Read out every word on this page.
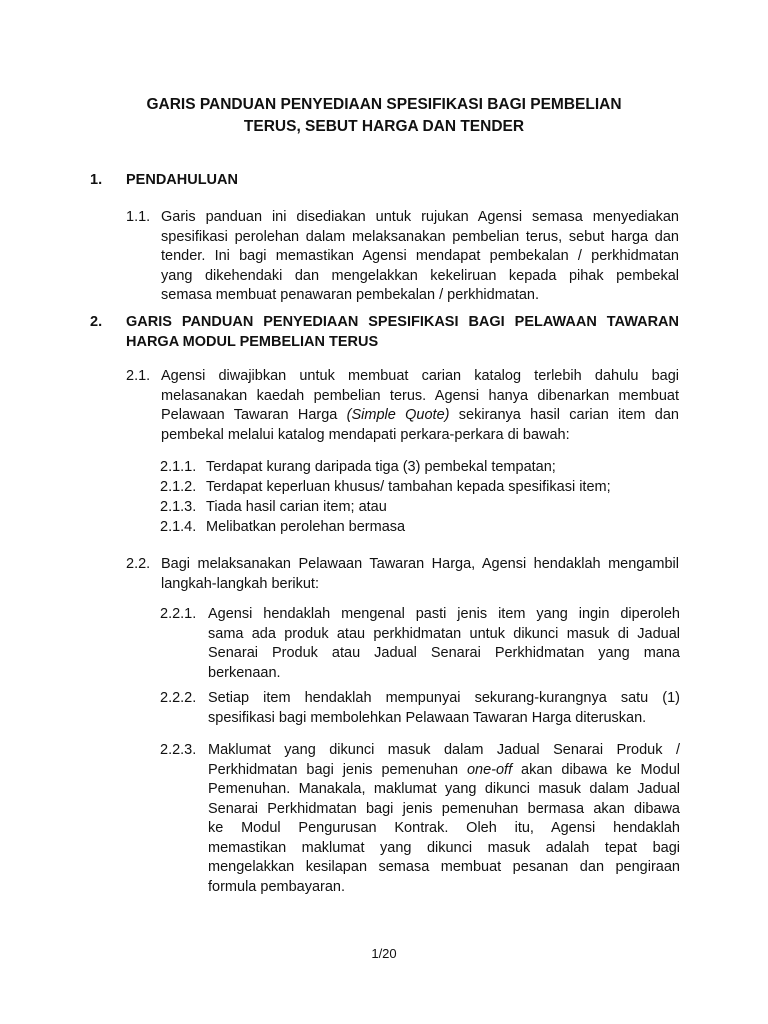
GARIS PANDUAN PENYEDIAAN SPESIFIKASI BAGI PEMBELIAN
TERUS, SEBUT HARGA DAN TENDER
1. PENDAHULUAN
1.1. Garis panduan ini disediakan untuk rujukan Agensi semasa menyediakan
spesifikasi perolehan dalam melaksanakan pembelian terus, sebut harga dan
tender. Ini bagi memastikan Agensi mendapat pembekalan / perkhidmatan
yang dikehendaki dan mengelakkan kekeliruan kepada pihak pembekal
semasa membuat penawaran pembekalan / perkhidmatan.
2. GARIS PANDUAN PENYEDIAAN SPESIFIKASI BAGI PELAWAAN TAWARAN
HARGA MODUL PEMBELIAN TERUS
2.1. Agensi diwajibkan untuk membuat carian katalog terlebih dahulu bagi
melasanakan kaedah pembelian terus. Agensi hanya dibenarkan membuat
Pelawaan Tawaran Harga (Simple Quote) sekiranya hasil carian item dan
pembekal melalui katalog mendapati perkara-perkara di bawah:
2.1.1. Terdapat kurang daripada tiga (3) pembekal tempatan;
2.1.2. Terdapat keperluan khusus/ tambahan kepada spesifikasi item;
2.1.3. Tiada hasil carian item; atau
2.1.4. Melibatkan perolehan bermasa
2.2. Bagi melaksanakan Pelawaan Tawaran Harga, Agensi hendaklah mengambil
langkah-langkah berikut:
2.2.1. Agensi hendaklah mengenal pasti jenis item yang ingin diperoleh
sama ada produk atau perkhidmatan untuk dikunci masuk di Jadual
Senarai Produk atau Jadual Senarai Perkhidmatan yang mana
berkenaan.
2.2.2. Setiap item hendaklah mempunyai sekurang-kurangnya satu (1)
spesifikasi bagi membolehkan Pelawaan Tawaran Harga diteruskan.
2.2.3. Maklumat yang dikunci masuk dalam Jadual Senarai Produk /
Perkhidmatan bagi jenis pemenuhan one-off akan dibawa ke Modul
Pemenuhan. Manakala, maklumat yang dikunci masuk dalam Jadual
Senarai Perkhidmatan bagi jenis pemenuhan bermasa akan dibawa
ke Modul Pengurusan Kontrak. Oleh itu, Agensi hendaklah
memastikan maklumat yang dikunci masuk adalah tepat bagi
mengelakkan kesilapan semasa membuat pesanan dan pengiraan
formula pembayaran.
1/20
